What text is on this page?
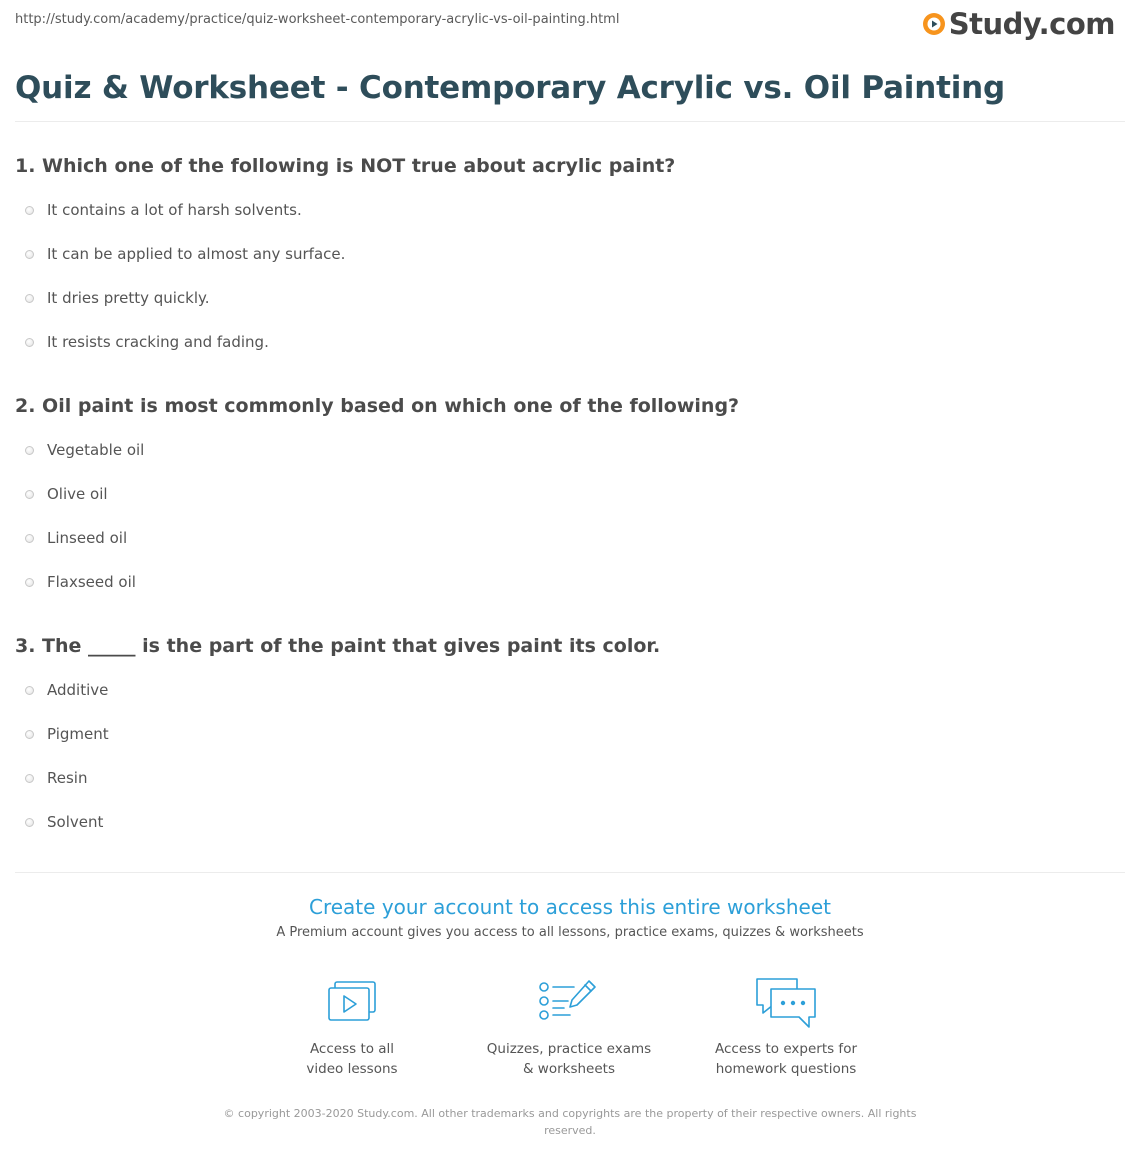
http://study.com/academy/practice/quiz-worksheet-contemporary-acrylic-vs-oil-painting.html	Study.com
Quiz & Worksheet - Contemporary Acrylic vs. Oil Painting

1. Which one of the following is NOT true about acrylic paint?

It contains a lot of harsh solvents.
It can be applied to almost any surface.
It dries pretty quickly.
It resists cracking and fading.

2. Oil paint is most commonly based on which one of the following?

Vegetable oil
Olive oil
Linseed oil
Flaxseed oil

3. The _____ is the part of the paint that gives paint its color.

Additive
Pigment
Resin
Solvent
Create your account to access this entire worksheet
A Premium account gives you access to all lessons, practice exams, quizzes & worksheets
Access to all
video lessons
Quizzes, practice exams
& worksheets
Access to experts for
homework questions
© copyright 2003-2020 Study.com. All other trademarks and copyrights are the property of their respective owners. All rights
reserved.
